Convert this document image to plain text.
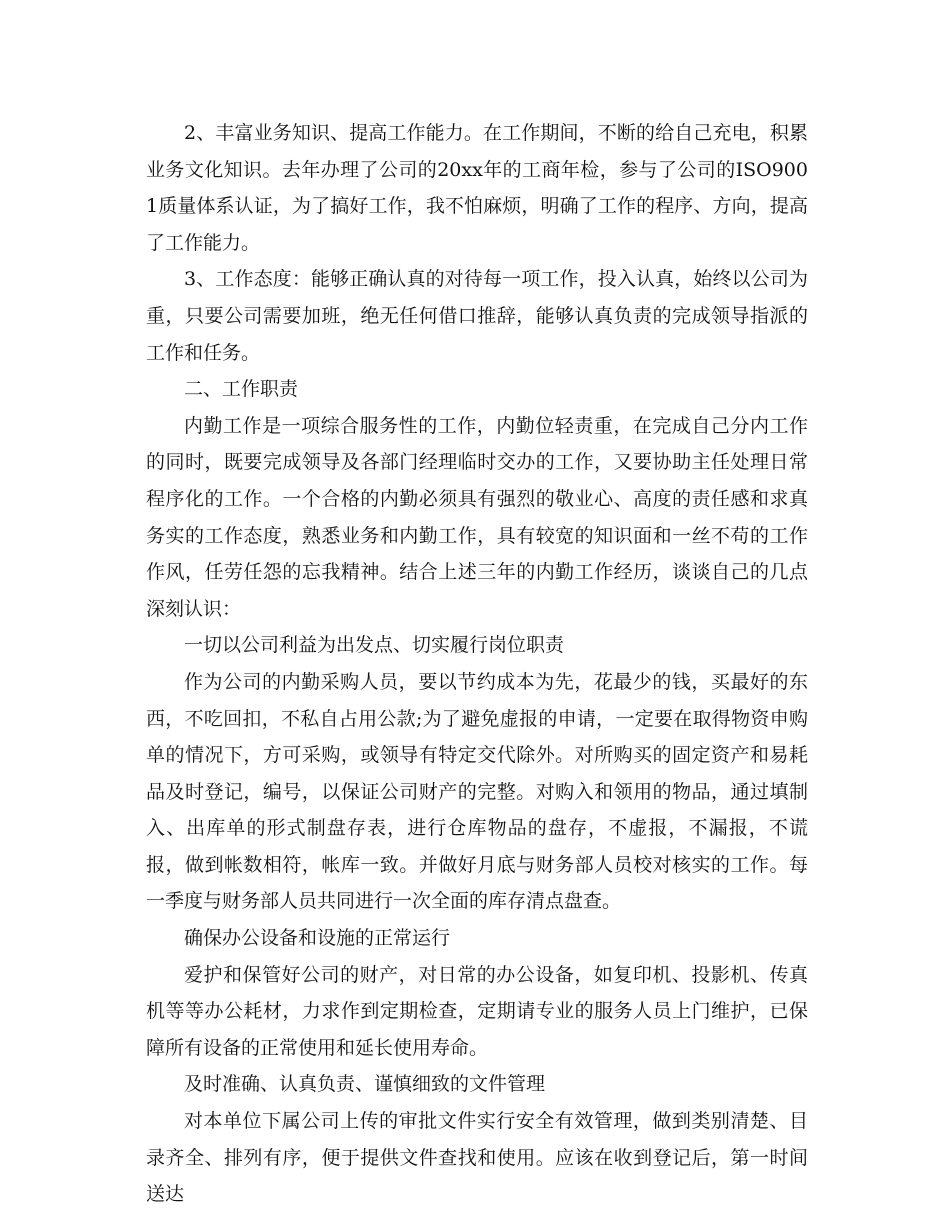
2、丰富业务知识、提高工作能力。在工作期间，不断的给自己充电，积累业务文化知识。去年办理了公司的20xx年的工商年检，参与了公司的ISO9001质量体系认证，为了搞好工作，我不怕麻烦，明确了工作的程序、方向，提高了工作能力。

3、工作态度：能够正确认真的对待每一项工作，投入认真，始终以公司为重，只要公司需要加班，绝无任何借口推辞，能够认真负责的完成领导指派的工作和任务。

二、工作职责

内勤工作是一项综合服务性的工作，内勤位轻责重，在完成自己分内工作的同时，既要完成领导及各部门经理临时交办的工作，又要协助主任处理日常程序化的工作。一个合格的内勤必须具有强烈的敬业心、高度的责任感和求真务实的工作态度，熟悉业务和内勤工作，具有较宽的知识面和一丝不苟的工作作风，任劳任怨的忘我精神。结合上述三年的内勤工作经历，谈谈自己的几点深刻认识：

一切以公司利益为出发点、切实履行岗位职责

作为公司的内勤采购人员，要以节约成本为先，花最少的钱，买最好的东西，不吃回扣，不私自占用公款;为了避免虚报的申请，一定要在取得物资申购单的情况下，方可采购，或领导有特定交代除外。对所购买的固定资产和易耗品及时登记，编号，以保证公司财产的完整。对购入和领用的物品，通过填制入、出库单的形式制盘存表，进行仓库物品的盘存，不虚报，不漏报，不谎报，做到帐数相符，帐库一致。并做好月底与财务部人员校对核实的工作。每一季度与财务部人员共同进行一次全面的库存清点盘查。

确保办公设备和设施的正常运行

爱护和保管好公司的财产，对日常的办公设备，如复印机、投影机、传真机等等办公耗材，力求作到定期检查，定期请专业的服务人员上门维护，已保障所有设备的正常使用和延长使用寿命。

及时准确、认真负责、谨慎细致的文件管理

对本单位下属公司上传的审批文件实行安全有效管理，做到类别清楚、目录齐全、排列有序，便于提供文件查找和使用。应该在收到登记后，第一时间送达
